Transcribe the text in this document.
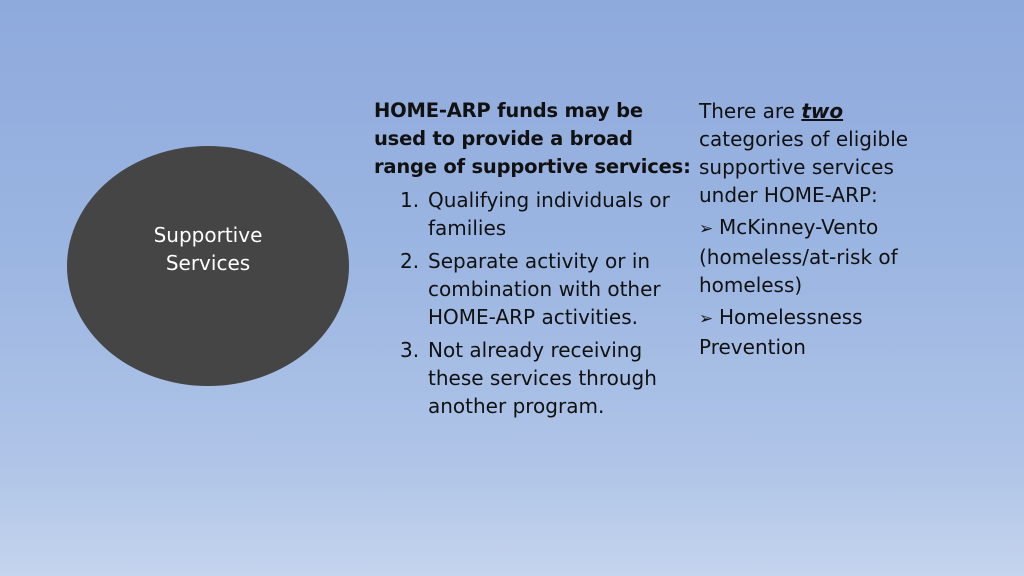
Supportive Services
HOME-ARP funds may be used to provide a broad range of supportive services:
1. Qualifying individuals or families
2. Separate activity or in combination with other HOME-ARP activities.
3. Not already receiving these services through another program.
There are two categories of eligible supportive services under HOME-ARP:
➢ McKinney-Vento (homeless/at-risk of homeless)
➢ Homelessness Prevention
